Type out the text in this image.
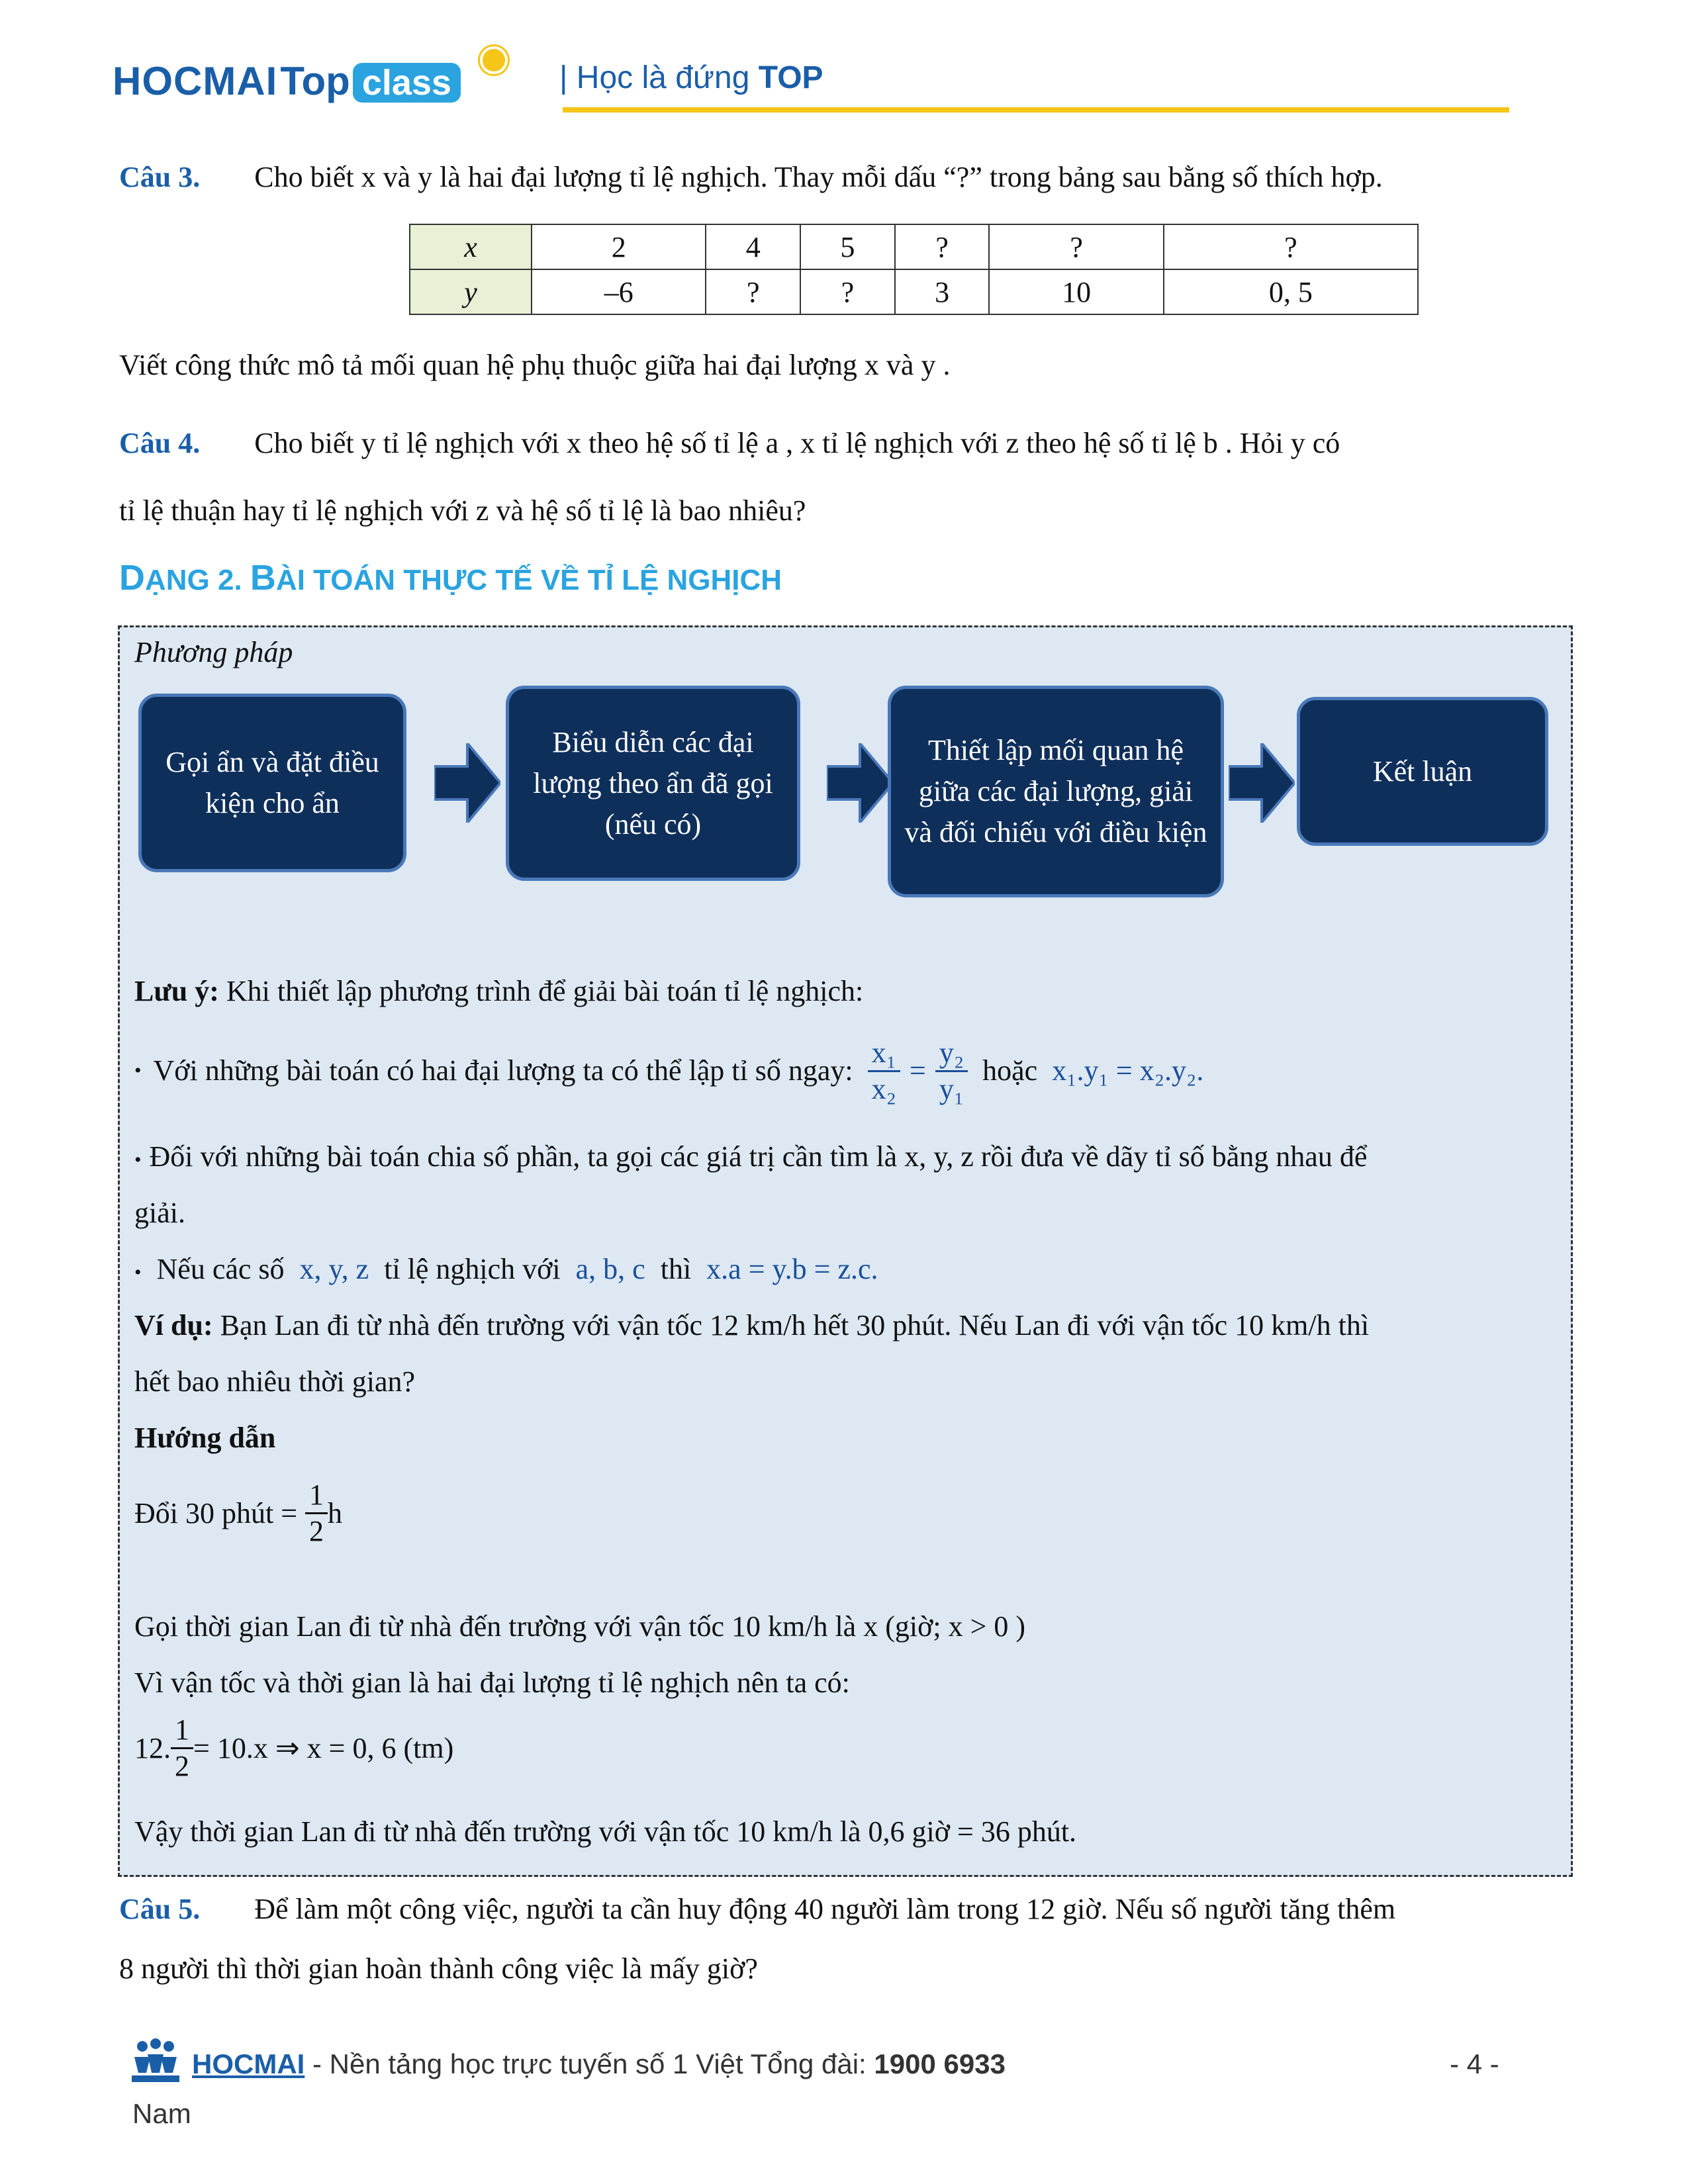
HOCMAI Top class	| Học là đứng TOP
Câu 3. Cho biết x và y là hai đại lượng tỉ lệ nghịch. Thay mỗi dấu “?” trong bảng sau bằng số thích hợp.
x	2	4	5	?	?	?
y	–6	?	?	3	10	0, 5
Viết công thức mô tả mối quan hệ phụ thuộc giữa hai đại lượng x và y .
Câu 4. Cho biết y tỉ lệ nghịch với x theo hệ số tỉ lệ a , x tỉ lệ nghịch với z theo hệ số tỉ lệ b . Hỏi y có
tỉ lệ thuận hay tỉ lệ nghịch với z và hệ số tỉ lệ là bao nhiêu?
DẠNG 2. BÀI TOÁN THỰC TẾ VỀ TỈ LỆ NGHỊCH
Phương pháp
Gọi ẩn và đặt điều kiện cho ẩn
Biểu diễn các đại lượng theo ẩn đã gọi (nếu có)
Thiết lập mối quan hệ giữa các đại lượng, giải và đối chiếu với điều kiện
Kết luận
Lưu ý: Khi thiết lập phương trình để giải bài toán tỉ lệ nghịch:
• Với những bài toán có hai đại lượng ta có thể lập tỉ số ngay: $\frac{\text{x₁}}{\text{x₂}} = \frac{\text{y₂}}{\text{y₁}}$ hoặc x₁.y₁ = x₂.y₂.
• Đối với những bài toán chia số phần, ta gọi các giá trị cần tìm là x, y, z rồi đưa về dãy tỉ số bằng nhau để
giải.
• Nếu các số x, y, z tỉ lệ nghịch với a, b, c thì x.a = y.b = z.c.
Ví dụ: Bạn Lan đi từ nhà đến trường với vận tốc 12 km/h hết 30 phút. Nếu Lan đi với vận tốc 10 km/h thì
hết bao nhiêu thời gian?
Hướng dẫn
Đổi 30 phút = $\frac{1}{2}$ h
Gọi thời gian Lan đi từ nhà đến trường với vận tốc 10 km/h là x (giờ; x > 0 )
Vì vận tốc và thời gian là hai đại lượng tỉ lệ nghịch nên ta có:
12. $\frac{1}{2} = 10.x$ ⇒ x = 0, 6 (tm)
Vậy thời gian Lan đi từ nhà đến trường với vận tốc 10 km/h là 0,6 giờ = 36 phút.
Câu 5. Để làm một công việc, người ta cần huy động 40 người làm trong 12 giờ. Nếu số người tăng thêm
8 người thì thời gian hoàn thành công việc là mấy giờ?
HOCMAI - Nền tảng học trực tuyến số 1 Việt Tổng đài: 1900 6933	- 4 -
Nam
